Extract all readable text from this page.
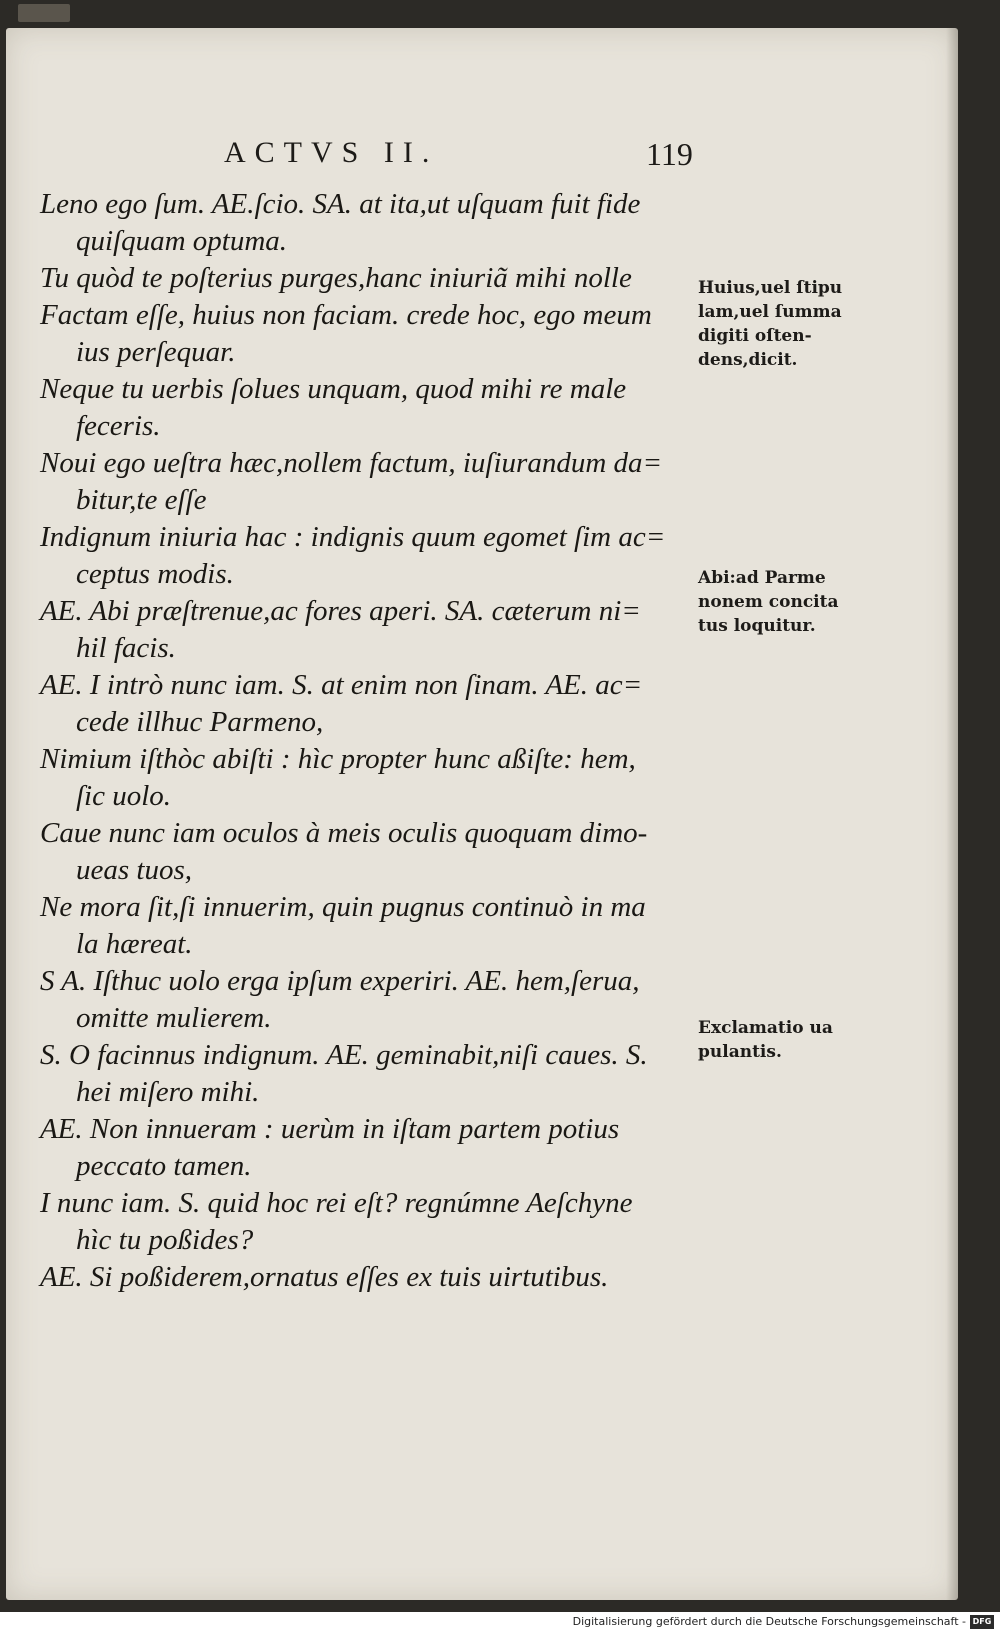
ACTVS II.	119
Leno ego ſum. AE.ſcio. SA. at ita,ut uſquam fuit fide
quiſquam optuma.
Tu quòd te poſterius purges,hanc iniuriã mihi nolle
Factam eſſe, huius non faciam. crede hoc, ego meum
ius perſequar.
Neque tu uerbis ſolues unquam, quod mihi re male
feceris.
Noui ego ueſtra hæc,nollem factum, iuſiurandum da=
bitur,te eſſe
Indignum iniuria hac : indignis quum egomet ſim ac=
ceptus modis.
AE. Abi præſtrenue,ac fores aperi. SA. cæterum ni=
hil facis.
AE. I intrò nunc iam. S. at enim non ſinam. AE. ac=
cede illhuc Parmeno,
Nimium iſthòc abiſti : hìc propter hunc aßiſte: hem,
ſic uolo.
Caue nunc iam oculos à meis oculis quoquam dimo-
ueas tuos,
Ne mora ſit,ſi innuerim, quin pugnus continuò in ma
la hæreat.
S A. Iſthuc uolo erga ipſum experiri. AE. hem,ſerua,
omitte mulierem.
S. O facinnus indignum. AE. geminabit,niſi caues. S.
hei miſero mihi.
AE. Non innueram : uerùm in iſtam partem potius
peccato tamen.
I nunc iam. S. quid hoc rei eſt? regnúmne Aeſchyne
hìc tu poßides?
AE. Si poßiderem,ornatus eſſes ex tuis uirtutibus.
Huius,uel ſtipu
lam,uel ſumma
digiti oſten-
dens,dicit.
Abi:ad Parme
nonem concita
tus loquitur.
Exclamatio ua
pulantis.
Digitalisierung gefördert durch die Deutsche Forschungsgemeinschaft - DFG
